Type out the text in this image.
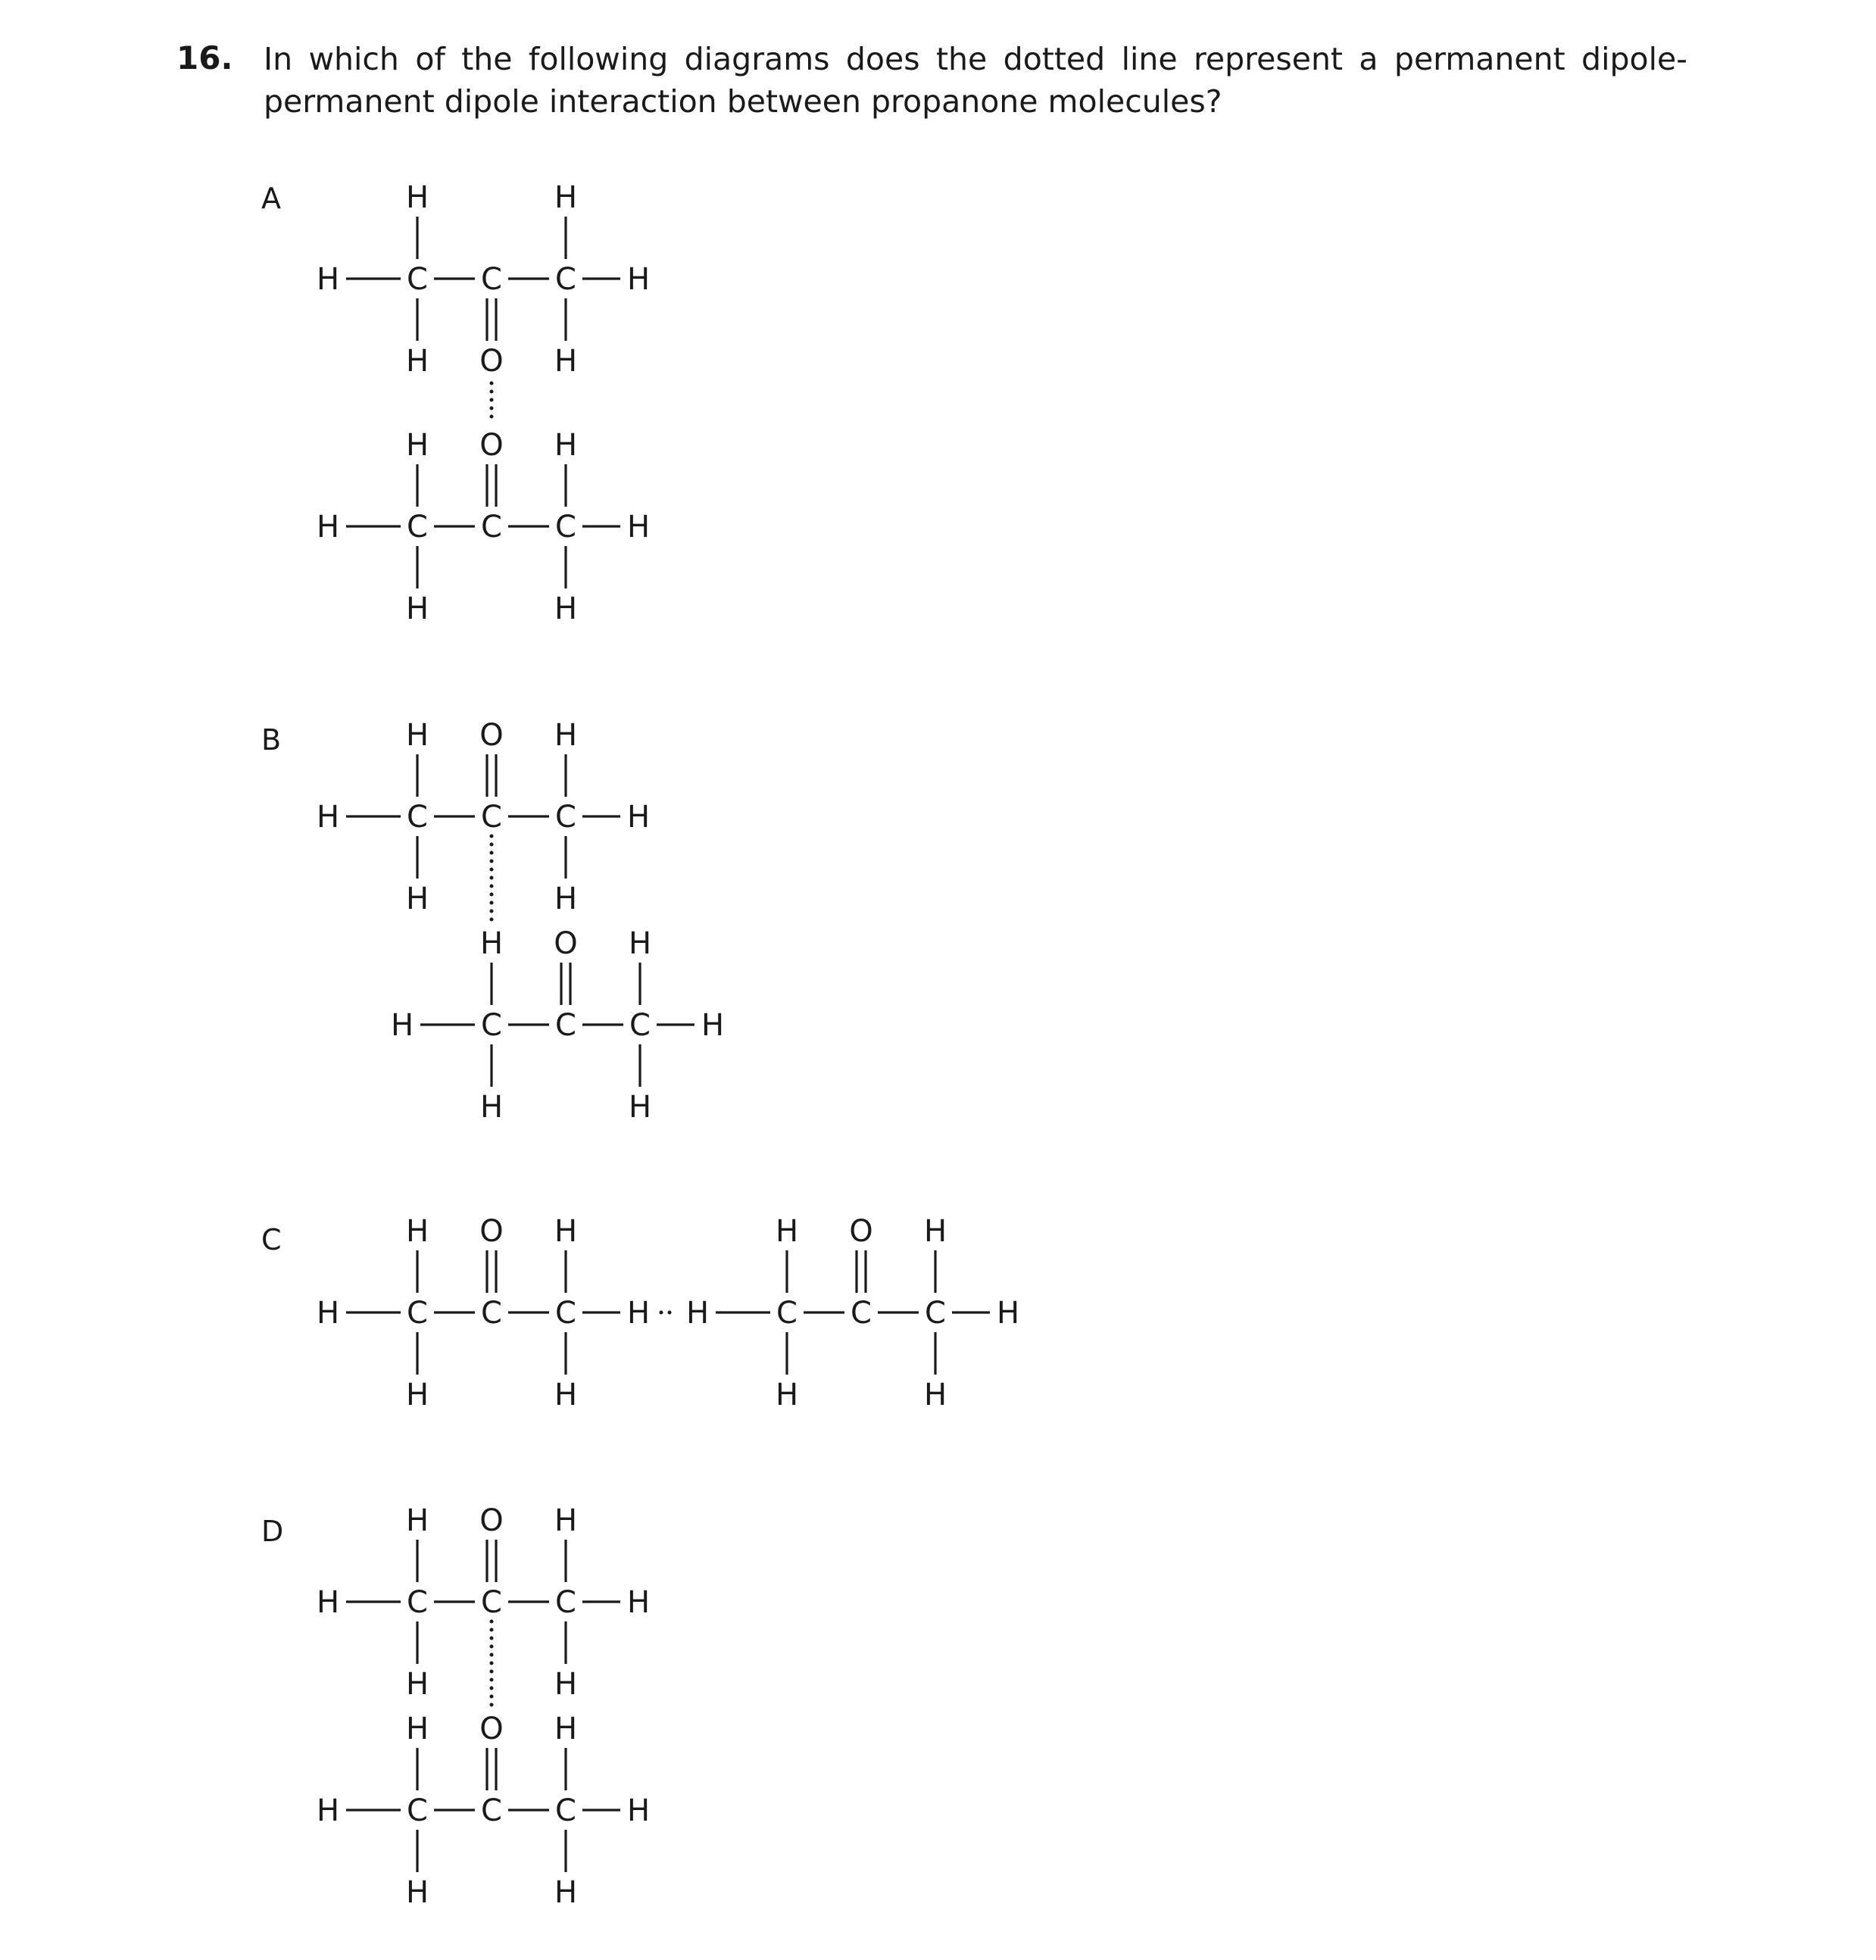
16. In which of the following diagrams does the dotted line represent a permanent dipole-permanent dipole interaction between propanone molecules?
A
B
C
D
H C C C H
H
H
H
H
O
H C C C H
H
H
H
H
O
H C C C H
H
H
H
H
O
H C C C H
H
H
H
H
O
H C C C H
H
H
H
H
O
H C C C H
H
H
H
H
O
H C C C H
H
H
H
H
O
H C C C H
H
H
H
H
O
